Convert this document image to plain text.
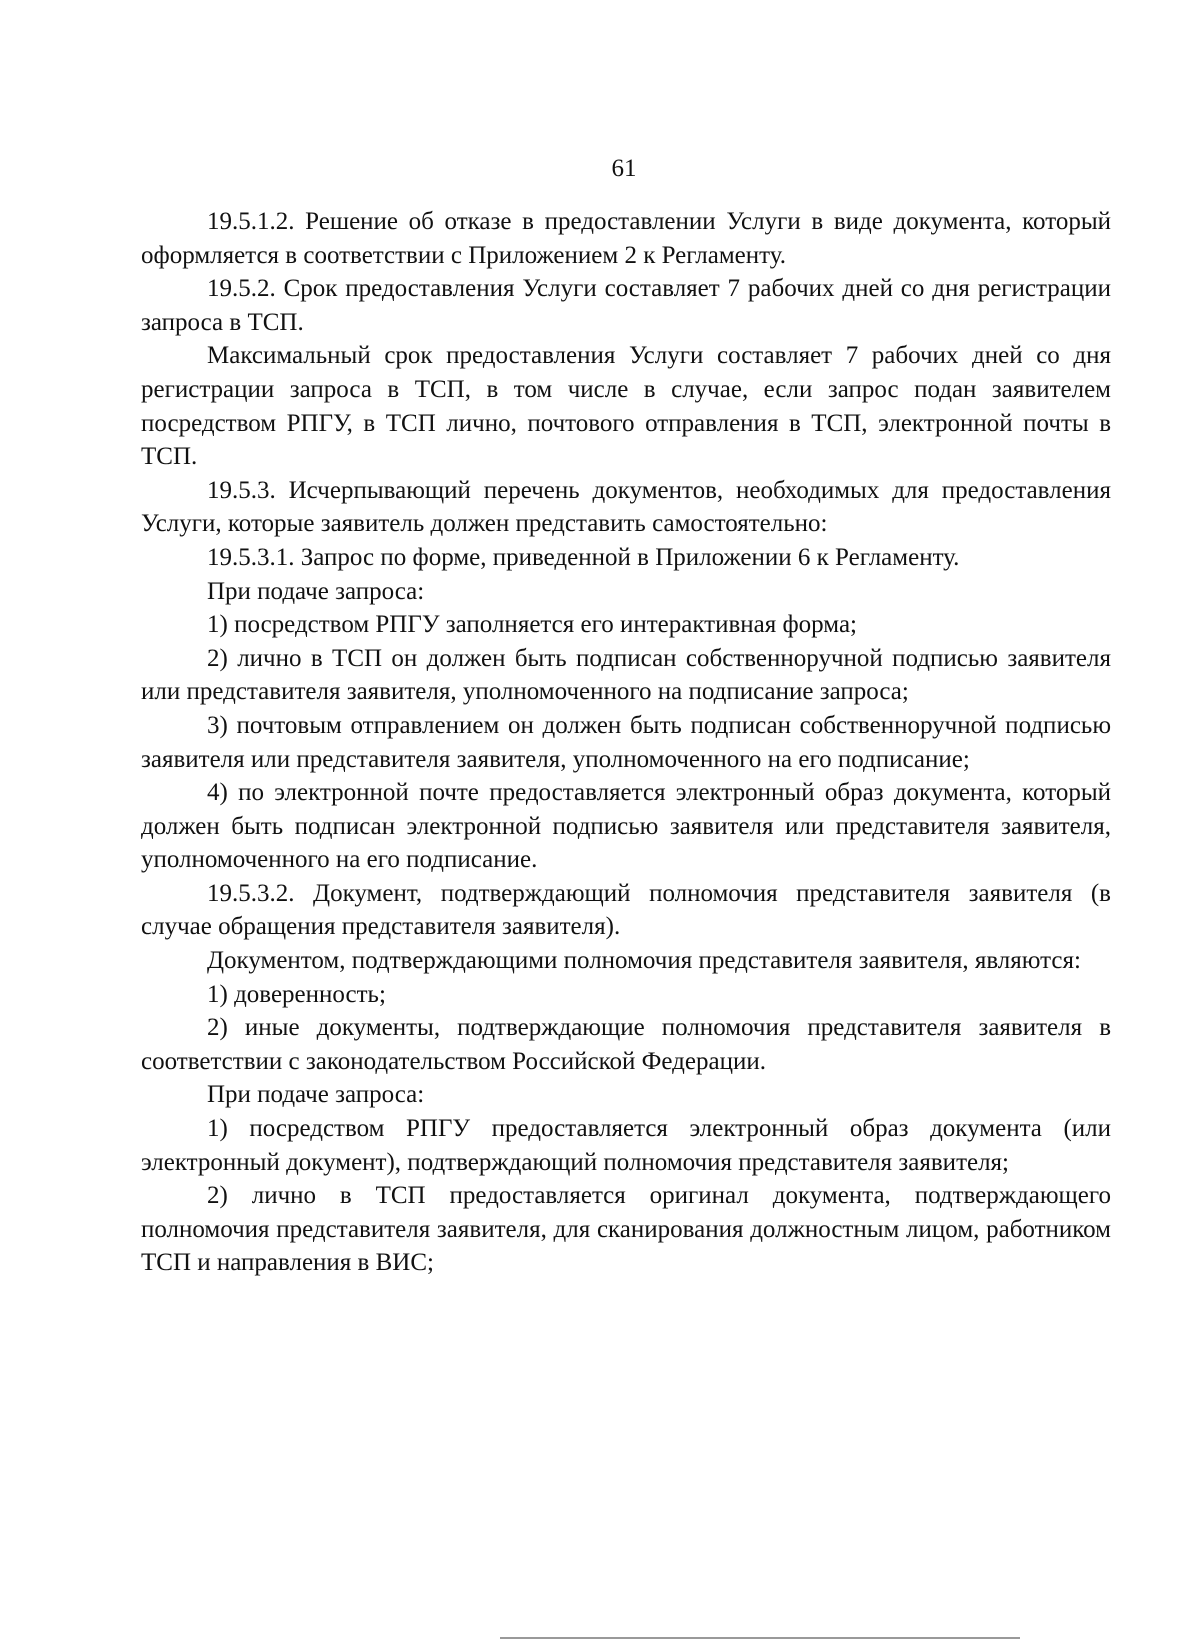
61

19.5.1.2. Решение об отказе в предоставлении Услуги в виде документа, который оформляется в соответствии с Приложением 2 к Регламенту.

19.5.2. Срок предоставления Услуги составляет 7 рабочих дней со дня регистрации запроса в ТСП.

Максимальный срок предоставления Услуги составляет 7 рабочих дней со дня регистрации запроса в ТСП, в том числе в случае, если запрос подан заявителем посредством РПГУ, в ТСП лично, почтового отправления в ТСП, электронной почты в ТСП.

19.5.3. Исчерпывающий перечень документов, необходимых для предоставления Услуги, которые заявитель должен представить самостоятельно:

19.5.3.1. Запрос по форме, приведенной в Приложении 6 к Регламенту.

При подаче запроса:

1) посредством РПГУ заполняется его интерактивная форма;

2) лично в ТСП он должен быть подписан собственноручной подписью заявителя или представителя заявителя, уполномоченного на подписание запроса;

3) почтовым отправлением он должен быть подписан собственноручной подписью заявителя или представителя заявителя, уполномоченного на его подписание;

4) по электронной почте предоставляется электронный образ документа, который должен быть подписан электронной подписью заявителя или представителя заявителя, уполномоченного на его подписание.

19.5.3.2. Документ, подтверждающий полномочия представителя заявителя (в случае обращения представителя заявителя).

Документом, подтверждающими полномочия представителя заявителя, являются:

1) доверенность;

2) иные документы, подтверждающие полномочия представителя заявителя в соответствии с законодательством Российской Федерации.

При подаче запроса:

1) посредством РПГУ предоставляется электронный образ документа (или электронный документ), подтверждающий полномочия представителя заявителя;

2) лично в ТСП предоставляется оригинал документа, подтверждающего полномочия представителя заявителя, для сканирования должностным лицом, работником ТСП и направления в ВИС;
